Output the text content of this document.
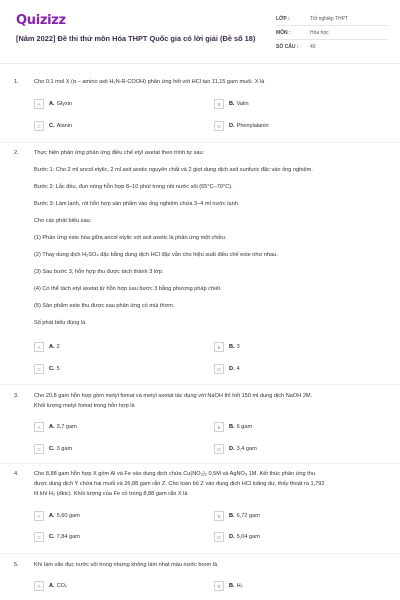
Quizizz
[Năm 2022] Đề thi thử môn Hóa THPT Quốc gia có lời giải (Đề số 18)
LỚP :	Tốt nghiệp THPT
MÔN :	Hóa học
SỐ CÂU :	40
1.	Cho 0,1 mol X (α – amino axit H₂N-R-COOH) phản ứng hết với HCl tạo 11,15 gam muối. X là
A	A. Glyxin	B	B. Valin
C	C. Alanin	D	D. Phenylalanin
2.	Thực hiện phản ứng phản ứng điều chế etyl axetat theo trình tự sau:
Bước 1: Cho 2 ml ancol etylic, 2 ml axit axetic nguyên chất và 2 giọt dung dịch axit sunfuric đặc vào ống nghiệm.
Bước 2: Lắc đều, đun nóng hỗn hợp 8–10 phút trong nồi nước sôi (65°C–70°C).
Bước 3: Làm lạnh, rót hỗn hợp sản phẩm vào ống nghiệm chứa 3–4 ml nước lạnh.
Cho các phát biểu sau:
(1) Phản ứng este hóa giữa ancol etylic với axit axetic là phản ứng một chiều.
(2) Thay dung dịch H₂SO₄ đặc bằng dung dịch HCl đặc vẫn cho hiệu suất điều chế este như nhau.
(3) Sau bước 3, hỗn hợp thu được tách thành 3 lớp.
(4) Có thể tách etyl axetat từ hỗn hợp sau bước 3 bằng phương pháp chiết.
(5) Sản phẩm este thu được sau phản ứng có mùi thơm.
Số phát biểu đúng là
A	A. 2	B	B. 3
C	C. 5	D	D. 4
3.	Cho 20,8 gam hỗn hợp gồm metyl fomat và metyl axetat tác dụng với NaOH thì hết 150 ml dung dịch NaOH 2M.
Khối lượng metyl fomat trong hỗn hợp là
A	A. 3,7 gam	B	B. 6 gam
C	C. 3 gam	D	D. 3,4 gam
4.	Cho 8,88 gam hỗn hợp X gồm Al và Fe vào dung dịch chứa Cu(NO₃)₂ 0,5M và AgNO₃ 1M. Kết thúc phản ứng thu
được dung dịch Y chứa hai muối và 26,88 gam rắn Z. Cho toàn bộ Z vào dung dịch HCl loãng dư, thấy thoát ra 1,792
lít khí H₂ (đktc). Khối lượng của Fe có trong 8,88 gam rắn X là
A	A. 5,60 gam	B	B. 6,72 gam
C	C. 7,84 gam	D	D. 5,04 gam
5.	Khí làm vẩn đục nước vôi trong nhưng không làm nhạt màu nước brom là
A	A. CO₂	B	B. H₂
